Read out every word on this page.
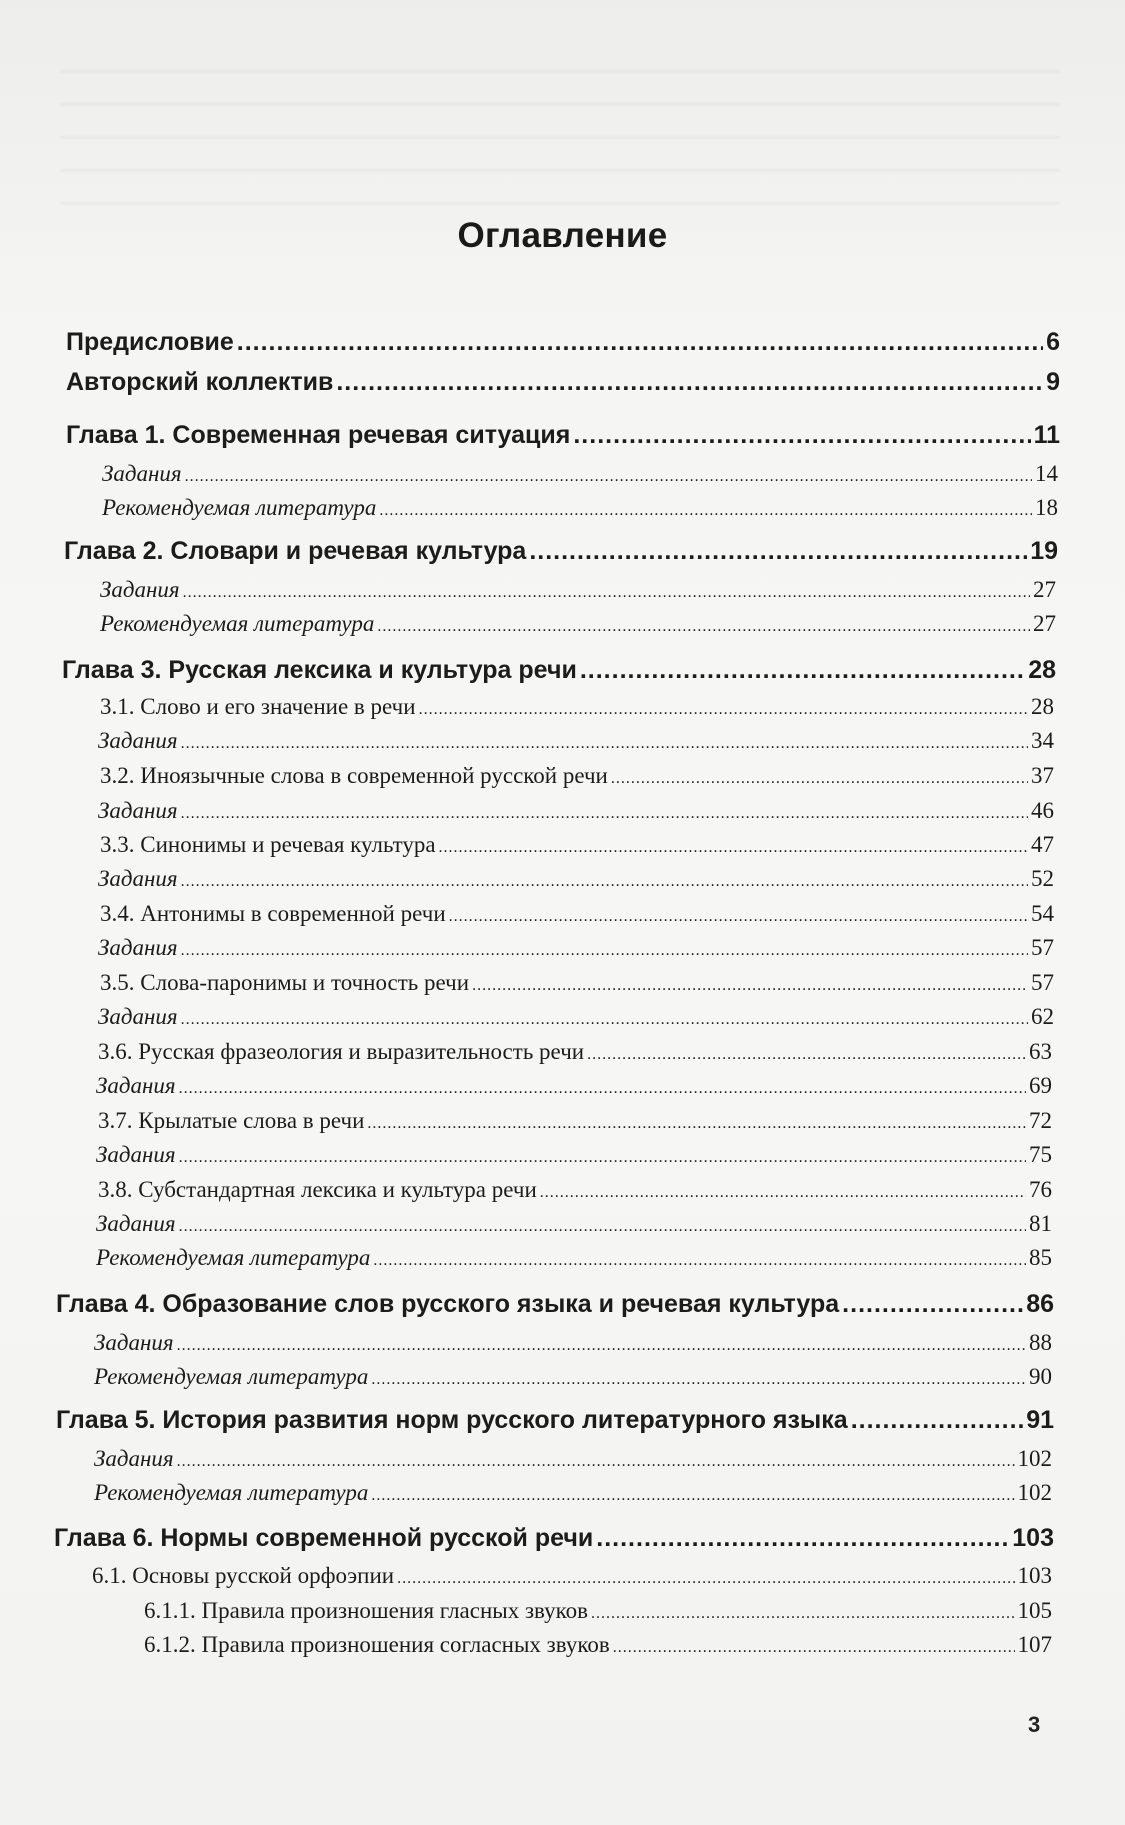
Оглавление
Предисловие .....	6
Авторский коллектив .....	9
Глава 1. Современная речевая ситуация .....	11
Задания .....	14
Рекомендуемая литература .....	18
Глава 2. Словари и речевая культура .....	19
Задания .....	27
Рекомендуемая литература .....	27
Глава 3. Русская лексика и культура речи .....	28
3.1. Слово и его значение в речи .....	28
Задания .....	34
3.2. Иноязычные слова в современной русской речи .....	37
Задания .....	46
3.3. Синонимы и речевая культура .....	47
Задания .....	52
3.4. Антонимы в современной речи .....	54
Задания .....	57
3.5. Слова-паронимы и точность речи .....	57
Задания .....	62
3.6. Русская фразеология и выразительность речи .....	63
Задания .....	69
3.7. Крылатые слова в речи .....	72
Задания .....	75
3.8. Субстандартная лексика и культура речи .....	76
Задания .....	81
Рекомендуемая литература .....	85
Глава 4. Образование слов русского языка и речевая культура .....	86
Задания .....	88
Рекомендуемая литература .....	90
Глава 5. История развития норм русского литературного языка .....	91
Задания .....	102
Рекомендуемая литература .....	102
Глава 6. Нормы современной русской речи .....	103
6.1. Основы русской орфоэпии .....	103
6.1.1. Правила произношения гласных звуков .....	105
6.1.2. Правила произношения согласных звуков .....	107
3
